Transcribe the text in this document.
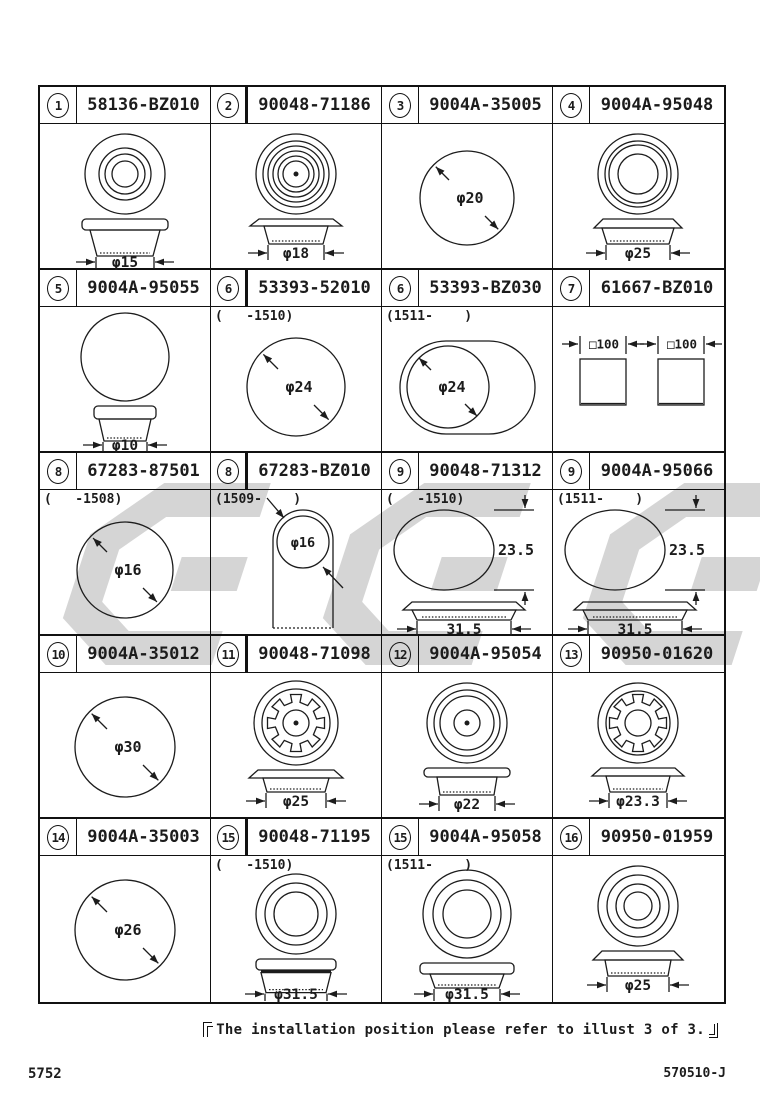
1	58136-BZ010	2	90048-71186	3	9004A-35005	4	9004A-95048
φ15
φ18
φ20
φ25
5	9004A-95055	6	53393-52010	6	53393-BZ030	7	61667-BZ010
φ10
(   -1510)
φ24
(1511-    )
φ24
□100	□100
8	67283-87501	8	67283-BZ010	9	90048-71312	9	9004A-95066
(   -1508)
φ16
(1509-    )
φ16
(   -1510)
23.5
31.5
(1511-    )
23.5
31.5
10	9004A-35012	11	90048-71098	12	9004A-95054	13	90950-01620
φ30
φ25	φ22	φ23.3
14	9004A-35003	15	90048-71195	15	9004A-95058	16	90950-01959
φ26
(   -1510)
φ31.5
(1511-    )
φ31.5
φ25
The installation position please refer to illust 3 of 3.
5752	570510-J
